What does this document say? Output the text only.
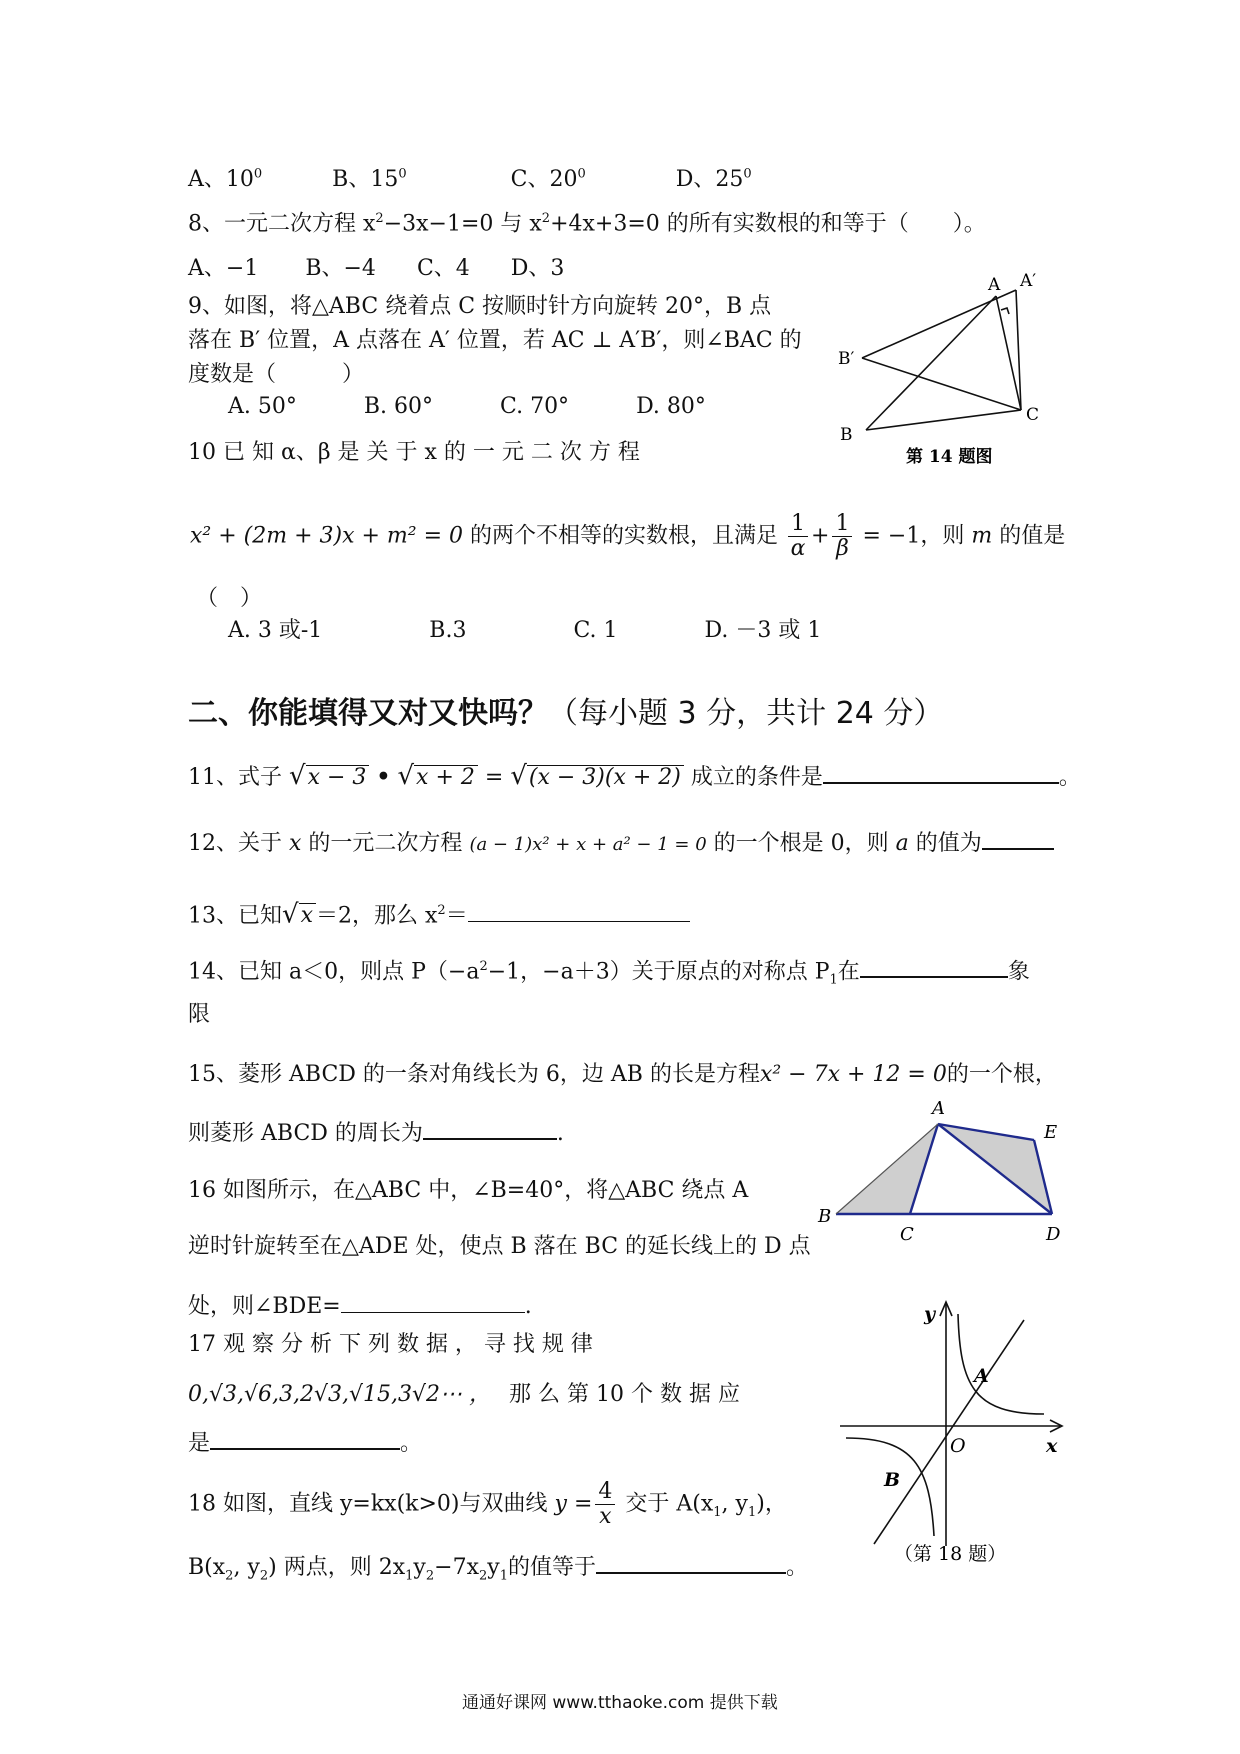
A、$10^0$	B、$15^0$	C、$20^0$	D、$25^0$
8、一元二次方程 $x^2-3x-1=0$ 与 $x^2+4x+3=0$ 的所有实数根的和等于（　　）。
A、−1 B、−4 C、4 D、3
9、如图，将△ABC 绕着点 C 按顺时针方向旋转 20°，B 点
落在 B′ 位置，A 点落在 A′ 位置，若 AC ⊥ A′B′，则∠BAC 的
度数是（　　　）
A. 50°	B. 60°	C. 70°	D. 80°
A A′
B′
B
C
第 14 题图
10 已 知 α、β 是 关 于 x 的 一 元 二 次 方 程
x² + (2m + 3)x + m² = 0 的两个不相等的实数根，且满足 $\frac{1}{\alpha} + \frac{1}{\beta} = -1$，则 m 的值是
（　）
A. 3 或-1	B.3	C. 1	D. －3 或 1
二、你能填得又对又快吗？（每小题 3 分，共计 24 分）
11、式子 √x − 3 • √x + 2 = √(x − 3)(x + 2) 成立的条件是	。
12、关于 x 的一元二次方程 (a − 1)x² + x + a² − 1 = 0 的一个根是 0，则 a 的值为
13、已知√x ＝2，那么 $x^2=$
14、已知 a＜0，则点 $P(-a^2-1$，−a＋3）关于原点的对称点 $P_1$在	象
限
15、菱形 ABCD 的一条对角线长为 6，边 AB 的长是方程x² − 7x + 12 = 0的一个根，
则菱形 ABCD 的周长为	.
A
E
B
C	D
16 如图所示，在△ABC 中，∠B=40°，将△ABC 绕点 A
逆时针旋转至在△ADE 处，使点 B 落在 BC 的延长线上的 D 点
处，则∠BDE=	.
17 观 察 分 析 下 列 数 据 ， 寻 找 规 律
0,√3,√6,3,2√3,√15,3√2⋯ ， 那 么 第 10 个 数 据 应
是	。
y
x
O
A
B
（第 18 题）
18 如图，直线 y=kx(k>0)与双曲线 $y = \frac{4}{x}$ 交于 $A(x_1$, $y_1$)，
$B(x_2$, $y_2$) 两点，则 $2x_1y_2-7x_2y_1$的值等于	。
通通好课网 www.tthaoke.com 提供下载
